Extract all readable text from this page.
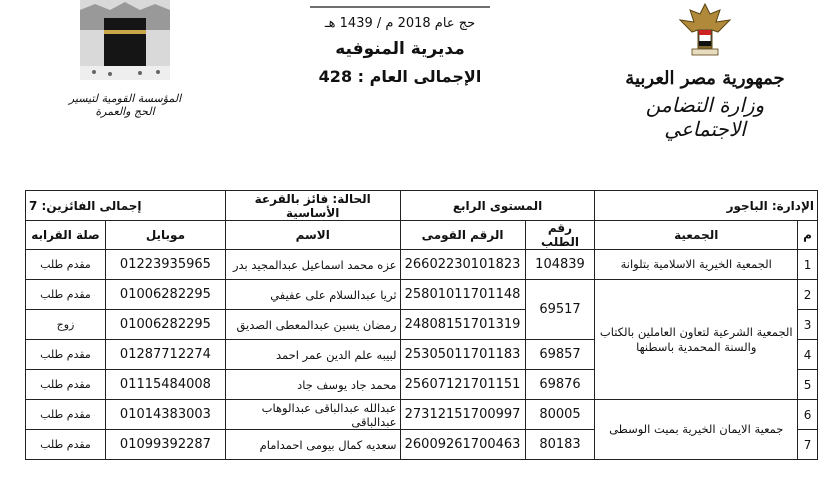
حج عام 2018 م / 1439 هـ
مديرية المنوفيه
الإجمالى العام : 428	جمهورية مصر العربية
وزارة التضامن الاجتماعي
المؤسسة القومية لتيسير الحج والعمرة
الإدارة: الباجور		المستوى الرابع		الحالة: فائز بالقرعة الأساسية	إجمالى الفائزين: 7	
م	الجمعية	رقم الطلب	الرقم القومى	الاسم	موبايل	صلة القرابه
1	الجمعية الخيرية الاسلامية بتلوانة	104839	26602230101823	عزه محمد اسماعيل عبدالمجيد بدر	01223935965	مقدم طلب
2	الجمعية الشرعية لتعاون العاملين بالكتاب والسنة المحمدية باسطنها	69517	25801011701148	ثريا عبدالسلام على عفيفي	01006282295	مقدم طلب
3			24808151701319	رمضان يسين عبدالمعطى الصديق	01006282295	زوج
4		69857	25305011701183	لبيبه علم الدين عمر احمد	01287712274	مقدم طلب
5		69876	25607121701151	محمد جاد يوسف جاد	01115484008	مقدم طلب
6	جمعية الايمان الخيرية بميت الوسطى	80005	27312151700997	عبدالله عبدالباقى عبدالوهاب عبدالباقى	01014383003	مقدم طلب
7		80183	26009261700463	سعديه كمال بيومى احمدامام	01099392287	مقدم طلب
